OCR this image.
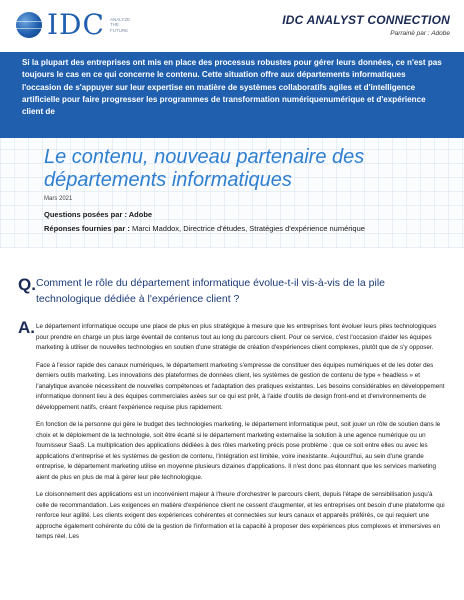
IDC ANALYZE THE FUTURE
IDC ANALYST CONNECTION
Parrainé par : Adobe
Si la plupart des entreprises ont mis en place des processus robustes pour gérer leurs données, ce n'est pas toujours le cas en ce qui concerne le contenu. Cette situation offre aux départements informatiques l'occasion de s'appuyer sur leur expertise en matière de systèmes collaboratifs agiles et d'intelligence artificielle pour faire progresser les programmes de transformation numériquenumérique et d'expérience client de
Le contenu, nouveau partenaire des départements informatiques
Mars 2021
Questions posées par : Adobe
Réponses fournies par : Marci Maddox, Directrice d'études, Stratégies d'expérience numérique
Q. Comment le rôle du département informatique évolue-t-il vis-à-vis de la pile technologique dédiée à l'expérience client ?
A. Le département informatique occupe une place de plus en plus stratégique à mesure que les entreprises font évoluer leurs piles technologiques pour prendre en charge un plus large éventail de contenus tout au long du parcours client. Pour ce service, c'est l'occasion d'aider les équipes marketing à utiliser de nouvelles technologies en soutien d'une stratégie de création d'expériences client complexes, plutôt que de s'y opposer.

Face à l'essor rapide des canaux numériques, le département marketing s'empresse de constituer des équipes numériques et de les doter des derniers outils marketing. Les innovations des plateformes de données client, les systèmes de gestion de contenu de type « headless » et l'analytique avancée nécessitent de nouvelles compétences et l'adaptation des pratiques existantes. Les besoins considérables en développement informatique donnent lieu à des équipes commerciales axées sur ce qui est prêt, à l'aide d'outils de design front-end et d'environnements de développement natifs, créant l'expérience requise plus rapidement.

En fonction de la personne qui gère le budget des technologies marketing, le département informatique peut, soit jouer un rôle de soutien dans le choix et le déploiement de la technologie, soit être écarté si le département marketing externalise la solution à une agence numérique ou un fournisseur SaaS. La multiplication des applications dédiées à des rôles marketing précis pose problème : que ce soit entre elles ou avec les applications d'entreprise et les systèmes de gestion de contenu, l'intégration est limitée, voire inexistante. Aujourd'hui, au sein d'une grande entreprise, le département marketing utilise en moyenne plusieurs dizaines d'applications. Il n'est donc pas étonnant que les services marketing aient de plus en plus de mal à gérer leur pile technologique.

Le cloisonnement des applications est un inconvénient majeur à l'heure d'orchestrer le parcours client, depuis l'étape de sensibilisation jusqu'à celle de recommandation. Les exigences en matière d'expérience client ne cessent d'augmenter, et les entreprises ont besoin d'une plateforme qui renforce leur agilité. Les clients exigent des expériences cohérentes et connectées sur leurs canaux et appareils préférés, ce qui requiert une approche également cohérente du côté de la gestion de l'information et la capacité à proposer des expériences plus complexes et immersives en temps réel. Les
